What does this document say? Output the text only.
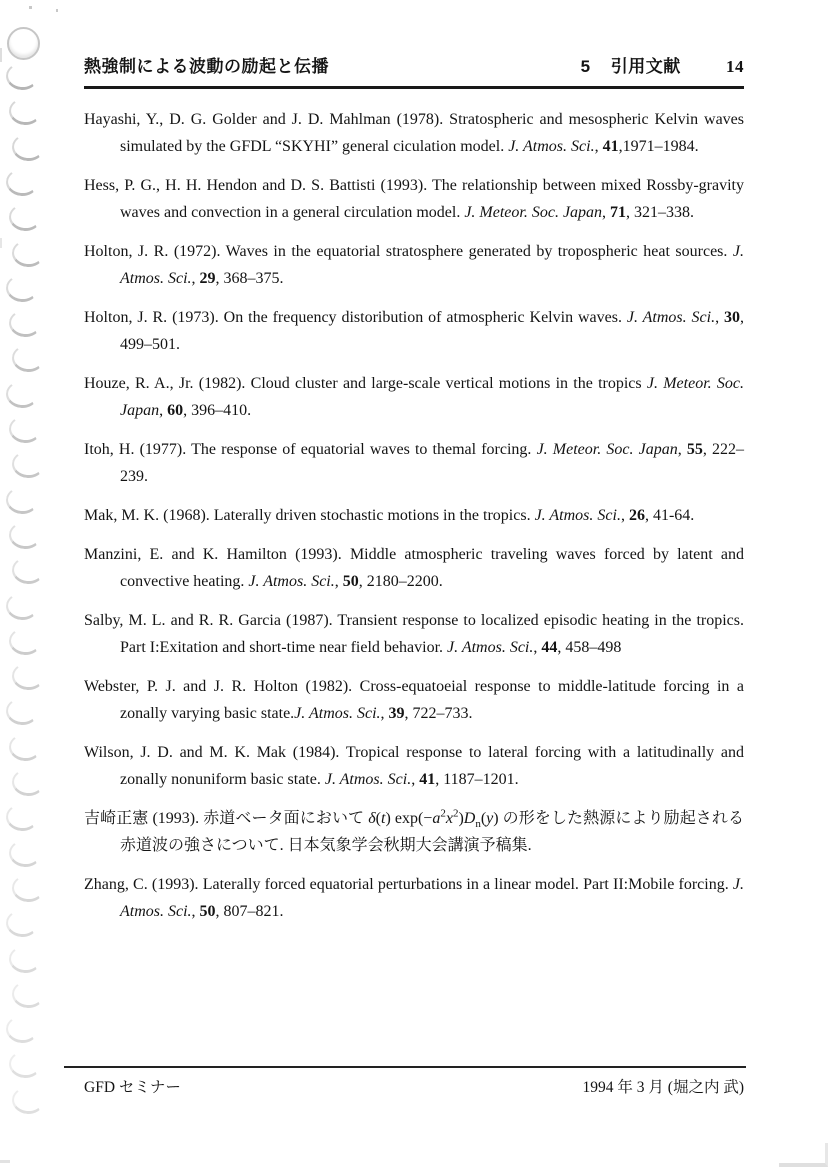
熱強制による波動の励起と伝播	5 引用文献	14

Hayashi, Y., D. G. Golder and J. D. Mahlman (1978). Stratospheric and mesospheric Kelvin waves simulated by the GFDL “SKYHI” general ciculation model. J. Atmos. Sci., 41,1971–1984.

Hess, P. G., H. H. Hendon and D. S. Battisti (1993). The relationship between mixed Rossby-gravity waves and convection in a general circulation model. J. Meteor. Soc. Japan, 71, 321–338.

Holton, J. R. (1972). Waves in the equatorial stratosphere generated by tropospheric heat sources. J. Atmos. Sci., 29, 368–375.

Holton, J. R. (1973). On the frequency distoribution of atmospheric Kelvin waves. J. Atmos. Sci., 30, 499–501.

Houze, R. A., Jr. (1982). Cloud cluster and large-scale vertical motions in the tropics J. Meteor. Soc. Japan, 60, 396–410.

Itoh, H. (1977). The response of equatorial waves to themal forcing. J. Meteor. Soc. Japan, 55, 222–239.

Mak, M. K. (1968). Laterally driven stochastic motions in the tropics. J. Atmos. Sci., 26, 41-64.

Manzini, E. and K. Hamilton (1993). Middle atmospheric traveling waves forced by latent and convective heating. J. Atmos. Sci., 50, 2180–2200.

Salby, M. L. and R. R. Garcia (1987). Transient response to localized episodic heating in the tropics. Part I:Exitation and short-time near field behavior. J. Atmos. Sci., 44, 458–498

Webster, P. J. and J. R. Holton (1982). Cross-equatoeial response to middle-latitude forcing in a zonally varying basic state.J. Atmos. Sci., 39, 722–733.

Wilson, J. D. and M. K. Mak (1984). Tropical response to lateral forcing with a latitudinally and zonally nonuniform basic state. J. Atmos. Sci., 41, 1187–1201.

吉崎正憲 (1993). 赤道ベータ面において δ(t) $\exp(-a^2x^2)D_n(y)$ の形をした熱源により励起される赤道波の強さについて. 日本気象学会秋期大会講演予稿集.

Zhang, C. (1993). Laterally forced equatorial perturbations in a linear model. Part II:Mobile forcing. J. Atmos. Sci., 50, 807–821.

GFD セミナー	1994 年 3 月 (堀之内 武)
